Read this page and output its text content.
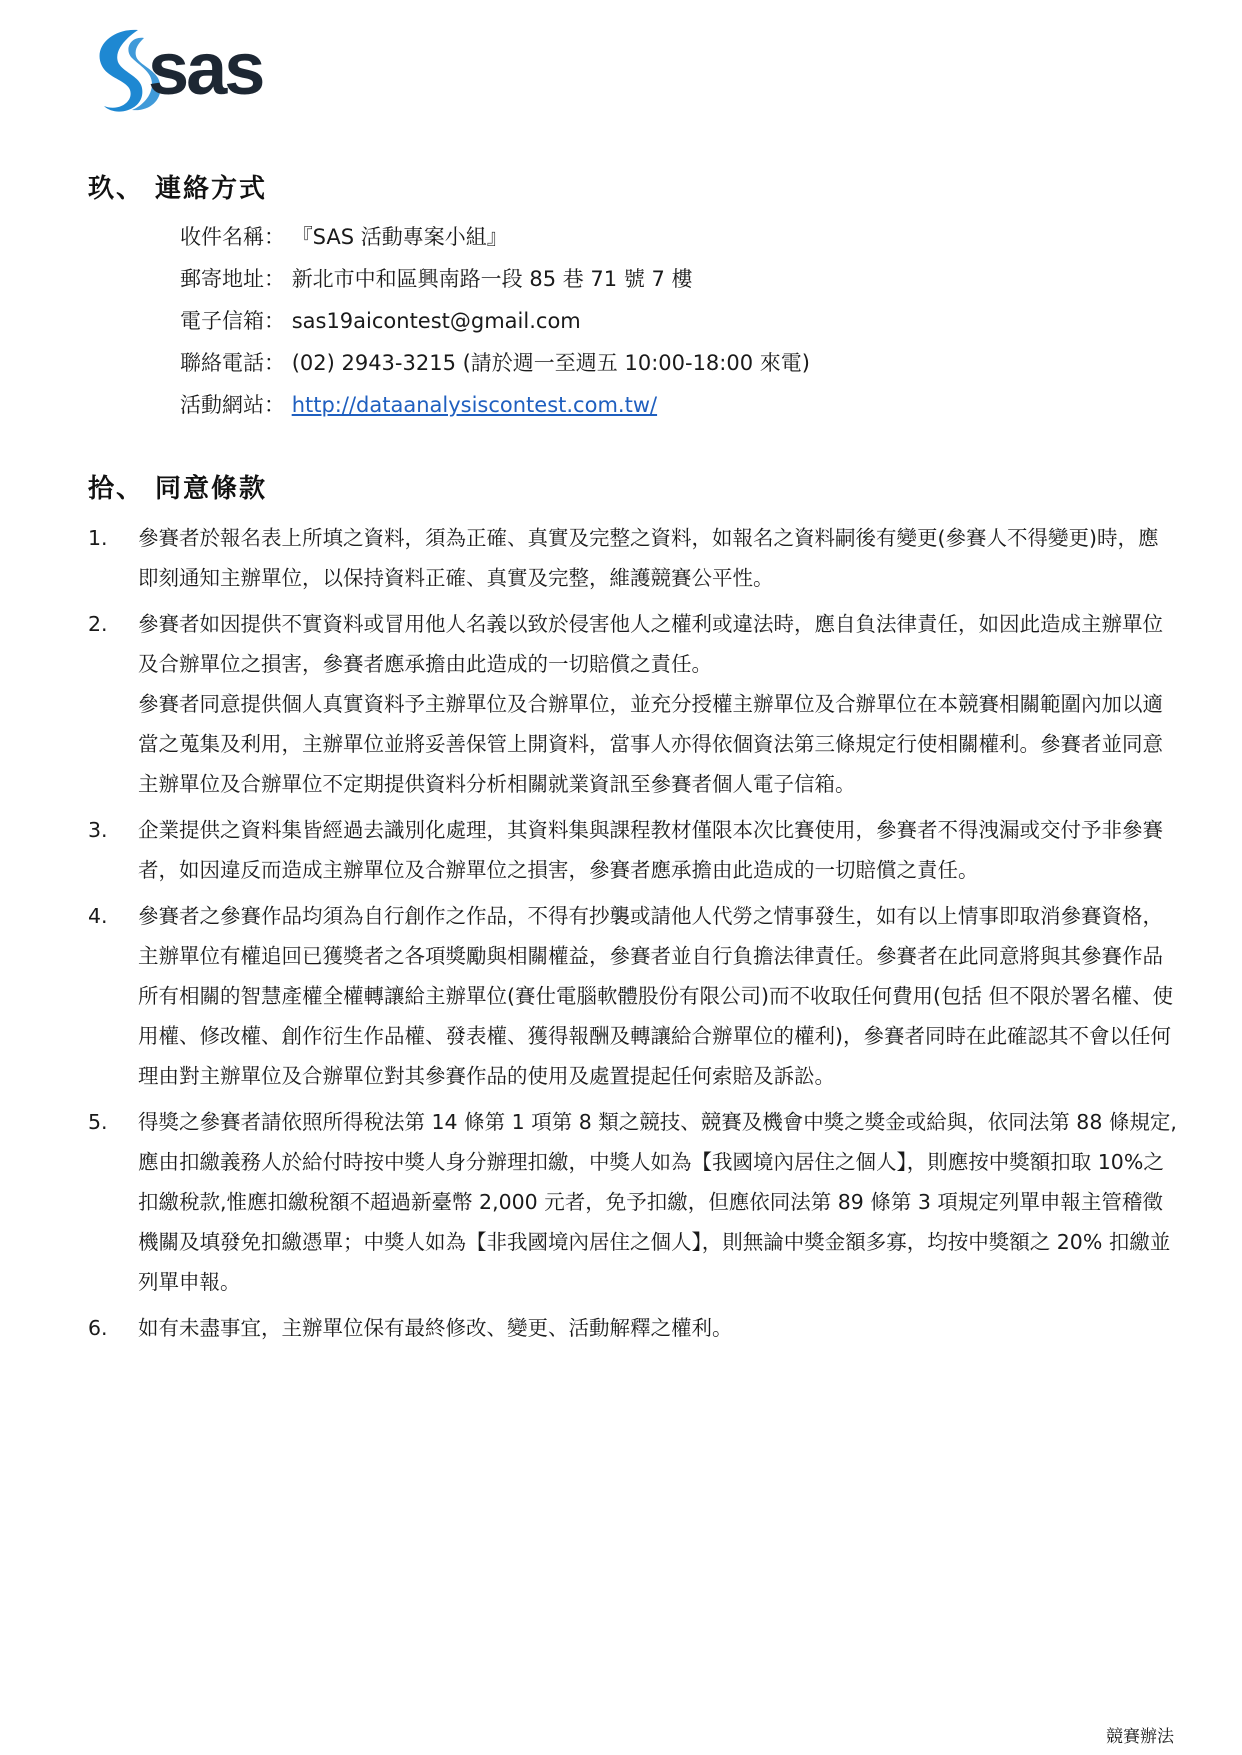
sas
玖、 連絡方式
收件名稱： 『SAS 活動專案小組』
郵寄地址： 新北市中和區興南路一段 85 巷 71 號 7 樓
電子信箱： sas19aicontest@gmail.com
聯絡電話： (02) 2943-3215 (請於週一至週五 10:00-18:00 來電)
活動網站： http://dataanalysiscontest.com.tw/
拾、 同意條款
1.	參賽者於報名表上所填之資料，須為正確、真實及完整之資料，如報名之資料嗣後有變更(參賽人不得變更)時，應即刻通知主辦單位，以保持資料正確、真實及完整，維護競賽公平性。

2.	參賽者如因提供不實資料或冒用他人名義以致於侵害他人之權利或違法時，應自負法律責任，如因此造成主辦單位及合辦單位之損害，參賽者應承擔由此造成的一切賠償之責任。

參賽者同意提供個人真實資料予主辦單位及合辦單位，並充分授權主辦單位及合辦單位在本競賽相關範圍內加以適當之蒐集及利用，主辦單位並將妥善保管上開資料，當事人亦得依個資法第三條規定行使相關權利。參賽者並同意主辦單位及合辦單位不定期提供資料分析相關就業資訊至參賽者個人電子信箱。

3.	企業提供之資料集皆經過去識別化處理，其資料集與課程教材僅限本次比賽使用，參賽者不得洩漏或交付予非參賽者，如因違反而造成主辦單位及合辦單位之損害，參賽者應承擔由此造成的一切賠償之責任。

4.	參賽者之參賽作品均須為自行創作之作品，不得有抄襲或請他人代勞之情事發生，如有以上情事即取消參賽資格，主辦單位有權追回已獲獎者之各項獎勵與相關權益，參賽者並自行負擔法律責任。參賽者在此同意將與其參賽作品所有相關的智慧產權全權轉讓給主辦單位(賽仕電腦軟體股份有限公司)而不收取任何費用(包括 但不限於署名權、使用權、修改權、創作衍生作品權、發表權、獲得報酬及轉讓給合辦單位的權利)，參賽者同時在此確認其不會以任何理由對主辦單位及合辦單位對其參賽作品的使用及處置提起任何索賠及訴訟。

5.	得獎之參賽者請依照所得稅法第 14 條第 1 項第 8 類之競技、競賽及機會中獎之獎金或給與，依同法第 88 條規定,應由扣繳義務人於給付時按中獎人身分辦理扣繳，中獎人如為【我國境內居住之個人】，則應按中獎額扣取 10%之扣繳稅款,惟應扣繳稅額不超過新臺幣 2,000 元者，免予扣繳，但應依同法第 89 條第 3 項規定列單申報主管稽徵機關及填發免扣繳憑單；中獎人如為【非我國境內居住之個人】，則無論中獎金額多寡，均按中獎額之 20% 扣繳並列單申報。

6.	如有未盡事宜，主辦單位保有最終修改、變更、活動解釋之權利。

競賽辦法
